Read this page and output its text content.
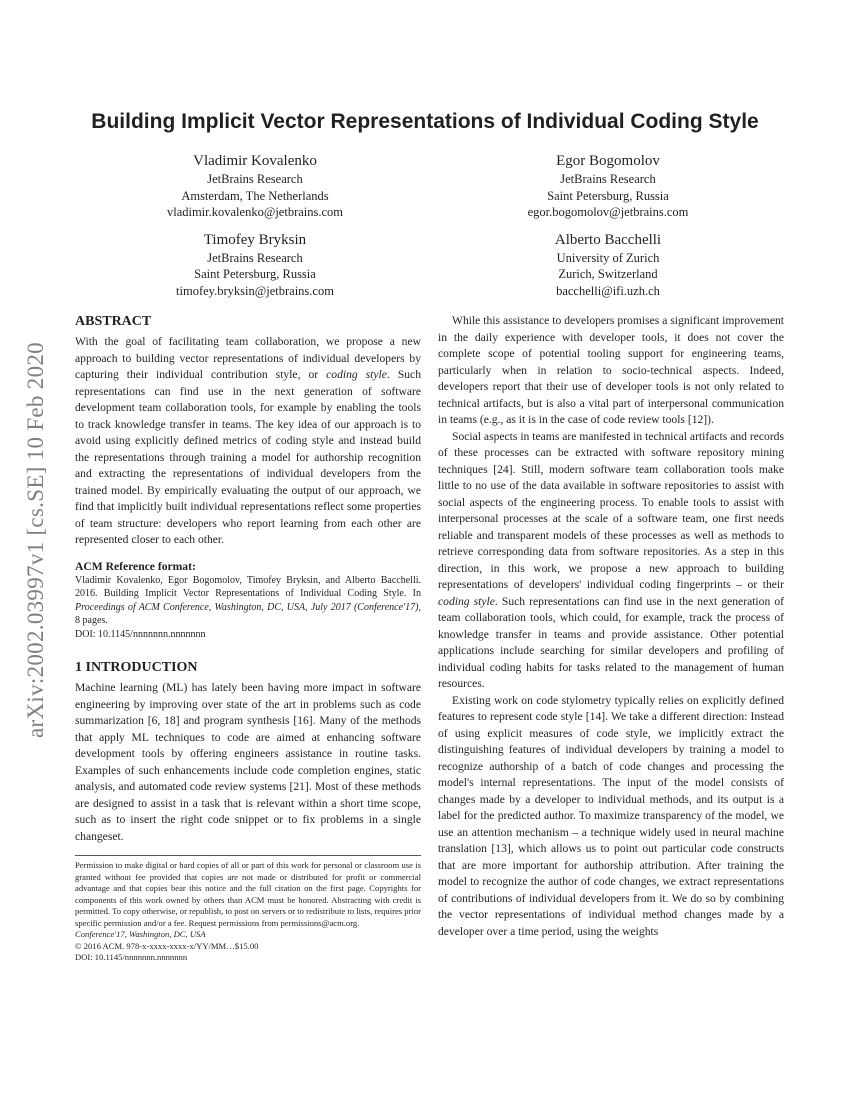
arXiv:2002.03997v1 [cs.SE] 10 Feb 2020
Building Implicit Vector Representations of Individual Coding Style
Vladimir Kovalenko
JetBrains Research
Amsterdam, The Netherlands
vladimir.kovalenko@jetbrains.com
Egor Bogomolov
JetBrains Research
Saint Petersburg, Russia
egor.bogomolov@jetbrains.com
Timofey Bryksin
JetBrains Research
Saint Petersburg, Russia
timofey.bryksin@jetbrains.com
Alberto Bacchelli
University of Zurich
Zurich, Switzerland
bacchelli@ifi.uzh.ch
ABSTRACT

With the goal of facilitating team collaboration, we propose a new approach to building vector representations of individual developers by capturing their individual contribution style, or coding style. Such representations can find use in the next generation of software development team collaboration tools, for example by enabling the tools to track knowledge transfer in teams. The key idea of our approach is to avoid using explicitly defined metrics of coding style and instead build the representations through training a model for authorship recognition and extracting the representations of individual developers from the trained model. By empirically evaluating the output of our approach, we find that implicitly built individual representations reflect some properties of team structure: developers who report learning from each other are represented closer to each other.

ACM Reference format:

Vladimir Kovalenko, Egor Bogomolov, Timofey Bryksin, and Alberto Bacchelli. 2016. Building Implicit Vector Representations of Individual Coding Style. In Proceedings of ACM Conference, Washington, DC, USA, July 2017 (Conference'17), 8 pages.

DOI: 10.1145/nnnnnnn.nnnnnnn

1 INTRODUCTION

Machine learning (ML) has lately been having more impact in software engineering by improving over state of the art in problems such as code summarization [6, 18] and program synthesis [16]. Many of the methods that apply ML techniques to code are aimed at enhancing software development tools by offering engineers assistance in routine tasks. Examples of such enhancements include code completion engines, static analysis, and automated code review systems [21]. Most of these methods are designed to assist in a task that is relevant within a short time scope, such as to insert the right code snippet or to fix problems in a single changeset.

Permission to make digital or hard copies of all or part of this work for personal or classroom use is granted without fee provided that copies are not made or distributed for profit or commercial advantage and that copies bear this notice and the full citation on the first page. Copyrights for components of this work owned by others than ACM must be honored. Abstracting with credit is permitted. To copy otherwise, or republish, to post on servers or to redistribute to lists, requires prior specific permission and/or a fee. Request permissions from permissions@acm.org.
Conference'17, Washington, DC, USA
© 2016 ACM. 978-x-xxxx-xxxx-x/YY/MM…$15.00
DOI: 10.1145/nnnnnnn.nnnnnnn

While this assistance to developers promises a significant improvement in the daily experience with developer tools, it does not cover the complete scope of potential tooling support for engineering teams, particularly when in relation to socio-technical aspects. Indeed, developers report that their use of developer tools is not only related to technical artifacts, but is also a vital part of interpersonal communication in teams (e.g., as it is in the case of code review tools [12]).

Social aspects in teams are manifested in technical artifacts and records of these processes can be extracted with software repository mining techniques [24]. Still, modern software team collaboration tools make little to no use of the data available in software repositories to assist with social aspects of the engineering process. To enable tools to assist with interpersonal processes at the scale of a software team, one first needs reliable and transparent models of these processes as well as methods to retrieve corresponding data from software repositories. As a step in this direction, in this work, we propose a new approach to building representations of developers' individual coding fingerprints – or their coding style. Such representations can find use in the next generation of team collaboration tools, which could, for example, track the process of knowledge transfer in teams and provide assistance. Other potential applications include searching for similar developers and profiling of individual coding habits for tasks related to the management of human resources.

Existing work on code stylometry typically relies on explicitly defined features to represent code style [14]. We take a different direction: Instead of using explicit measures of code style, we implicitly extract the distinguishing features of individual developers by training a model to recognize authorship of a batch of code changes and processing the model's internal representations. The input of the model consists of changes made by a developer to individual methods, and its output is a label for the predicted author. To maximize transparency of the model, we use an attention mechanism – a technique widely used in neural machine translation [13], which allows us to point out particular code constructs that are more important for authorship attribution. After training the model to recognize the author of code changes, we extract representations of contributions of individual developers from it. We do so by combining the vector representations of individual method changes made by a developer over a time period, using the weights
